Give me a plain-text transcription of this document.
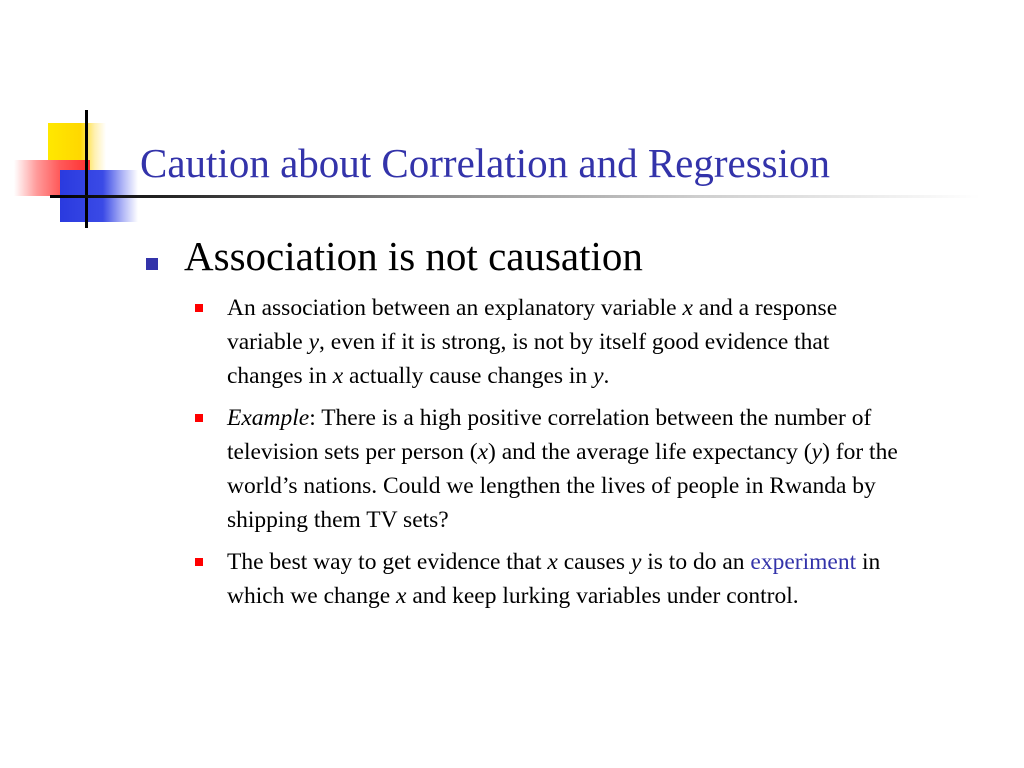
Caution about Correlation and Regression
Association is not causation
An association between an explanatory variable x and a response variable y, even if it is strong, is not by itself good evidence that changes in x actually cause changes in y.
Example: There is a high positive correlation between the number of television sets per person (x) and the average life expectancy (y) for the world’s nations. Could we lengthen the lives of people in Rwanda by shipping them TV sets?
The best way to get evidence that x causes y is to do an experiment in which we change x and keep lurking variables under control.
